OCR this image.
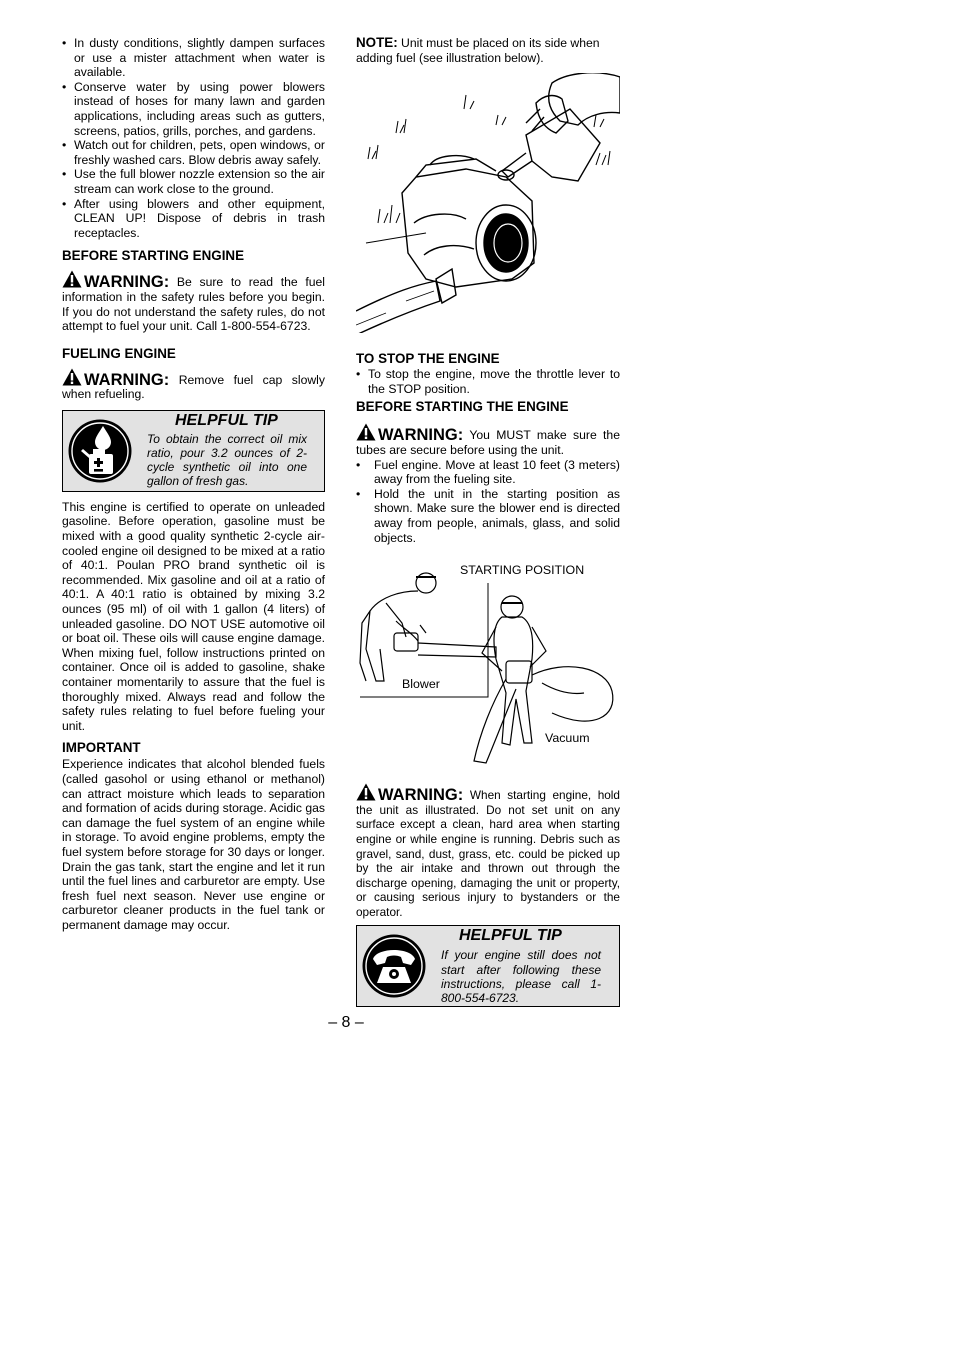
• In dusty conditions, slightly dampen surfaces or use a mister attachment when water is available.
• Conserve water by using power blowers instead of hoses for many lawn and garden applications, including areas such as gutters, screens, patios, grills, porches, and gardens.
• Watch out for children, pets, open windows, or freshly washed cars. Blow debris away safely.
• Use the full blower nozzle extension so the air stream can work close to the ground.
• After using blowers and other equipment, CLEAN UP! Dispose of debris in trash receptacles.
BEFORE STARTING ENGINE
WARNING: Be sure to read the fuel information in the safety rules before you begin. If you do not understand the safety rules, do not attempt to fuel your unit. Call 1-800-554-6723.
FUELING ENGINE
WARNING: Remove fuel cap slowly when refueling.
HELPFUL TIP
To obtain the correct oil mix ratio, pour 3.2 ounces of 2-cycle synthetic oil into one gallon of fresh gas.
This engine is certified to operate on unleaded gasoline. Before operation, gasoline must be mixed with a good quality synthetic 2-cycle air-cooled engine oil designed to be mixed at a ratio of 40:1. Poulan PRO brand synthetic oil is recommended. Mix gasoline and oil at a ratio of 40:1. A 40:1 ratio is obtained by mixing 3.2 ounces (95 ml) of oil with 1 gallon (4 liters) of unleaded gasoline. DO NOT USE automotive oil or boat oil. These oils will cause engine damage. When mixing fuel, follow instructions printed on container. Once oil is added to gasoline, shake container momentarily to assure that the fuel is thoroughly mixed. Always read and follow the safety rules relating to fuel before fueling your unit.
IMPORTANT
Experience indicates that alcohol blended fuels (called gasohol or using ethanol or methanol) can attract moisture which leads to separation and formation of acids during storage. Acidic gas can damage the fuel system of an engine while in storage. To avoid engine problems, empty the fuel system before storage for 30 days or longer. Drain the gas tank, start the engine and let it run until the fuel lines and carburetor are empty. Use fresh fuel next season. Never use engine or carburetor cleaner products in the fuel tank or permanent damage may occur.
NOTE: Unit must be placed on its side when adding fuel (see illustration below).
TO STOP THE ENGINE
• To stop the engine, move the throttle lever to the STOP position.
BEFORE STARTING THE ENGINE
WARNING: You MUST make sure the tubes are secure before using the unit.
• Fuel engine. Move at least 10 feet (3 meters) away from the fueling site.
• Hold the unit in the starting position as shown. Make sure the blower end is directed away from people, animals, glass, and solid objects.
STARTING POSITION
Blower
Vacuum
WARNING: When starting engine, hold the unit as illustrated. Do not set unit on any surface except a clean, hard area when starting engine or while engine is running. Debris such as gravel, sand, dust, grass, etc. could be picked up by the air intake and thrown out through the discharge opening, damaging the unit or property, or causing serious injury to bystanders or the operator.
HELPFUL TIP
If your engine still does not start after following these instructions, please call 1-800-554-6723.
– 8 –
